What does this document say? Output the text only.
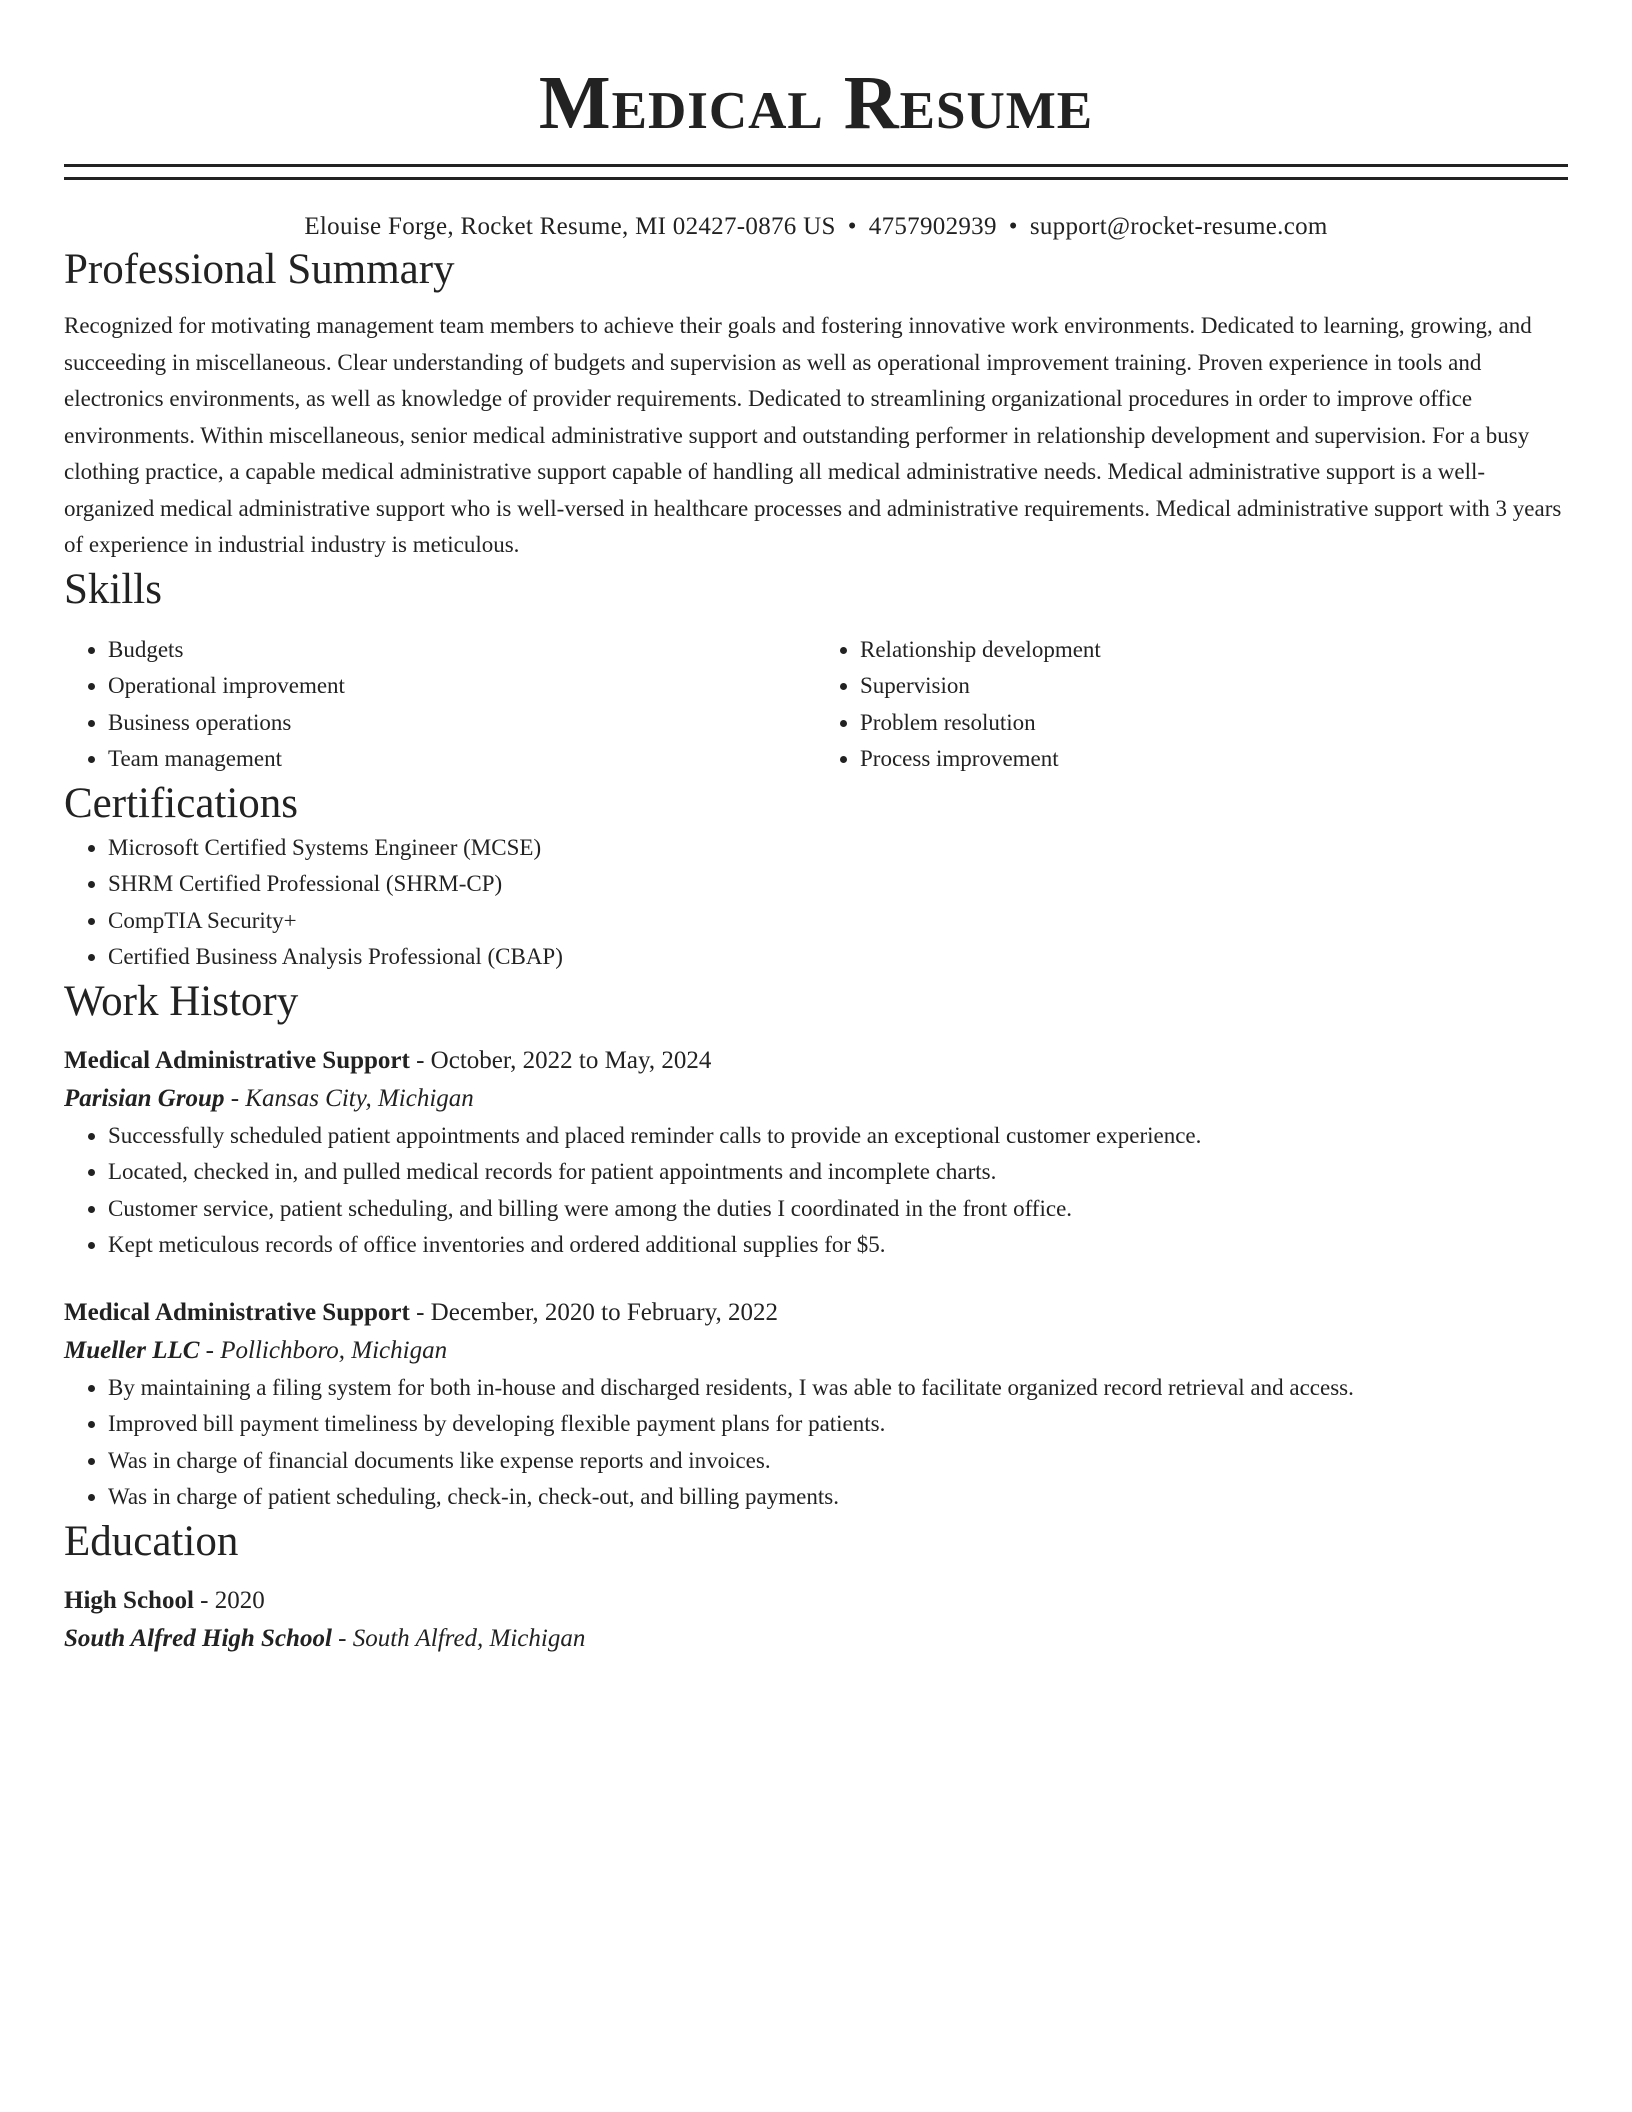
Medical Resume
Elouise Forge, Rocket Resume, MI 02427-0876 US • 4757902939 • support@rocket-resume.com
Professional Summary

Recognized for motivating management team members to achieve their goals and fostering innovative work environments. Dedicated to learning, growing, and succeeding in miscellaneous. Clear understanding of budgets and supervision as well as operational improvement training. Proven experience in tools and electronics environments, as well as knowledge of provider requirements. Dedicated to streamlining organizational procedures in order to improve office environments. Within miscellaneous, senior medical administrative support and outstanding performer in relationship development and supervision. For a busy clothing practice, a capable medical administrative support capable of handling all medical administrative needs. Medical administrative support is a well-organized medical administrative support who is well-versed in healthcare processes and administrative requirements. Medical administrative support with 3 years of experience in industrial industry is meticulous.

Skills
• Budgets
• Operational improvement
• Business operations
• Team management
• Relationship development
• Supervision
• Problem resolution
• Process improvement
Certifications
• Microsoft Certified Systems Engineer (MCSE)
• SHRM Certified Professional (SHRM-CP)
• CompTIA Security+
• Certified Business Analysis Professional (CBAP)
Work History
Medical Administrative Support - October, 2022 to May, 2024
Parisian Group - Kansas City, Michigan
• Successfully scheduled patient appointments and placed reminder calls to provide an exceptional customer experience.
• Located, checked in, and pulled medical records for patient appointments and incomplete charts.
• Customer service, patient scheduling, and billing were among the duties I coordinated in the front office.
• Kept meticulous records of office inventories and ordered additional supplies for $5.
Medical Administrative Support - December, 2020 to February, 2022
Mueller LLC - Pollichboro, Michigan
• By maintaining a filing system for both in-house and discharged residents, I was able to facilitate organized record retrieval and access.
• Improved bill payment timeliness by developing flexible payment plans for patients.
• Was in charge of financial documents like expense reports and invoices.
• Was in charge of patient scheduling, check-in, check-out, and billing payments.
Education
High School - 2020
South Alfred High School - South Alfred, Michigan
